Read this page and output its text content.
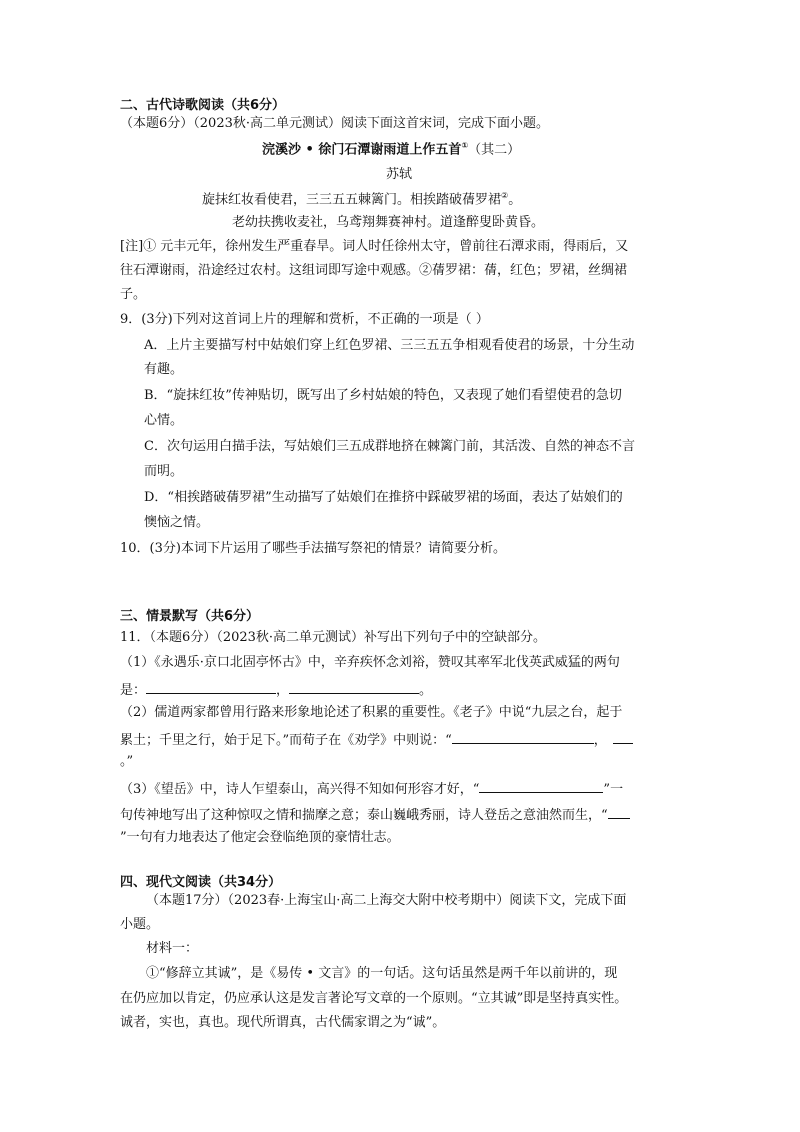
二、古代诗歌阅读（共6分）
（本题6分）（2023秋·高二单元测试）阅读下面这首宋词，完成下面小题。
浣溪沙 • 徐门石潭谢雨道上作五首①（其二）
苏轼
旋抹红妆看使君，三三五五棘篱门。相挨踏破蒨罗裙②。
老幼扶携收麦社，乌鸢翔舞赛神村。道逢醉叟卧黄昏。
[注]① 元丰元年，徐州发生严重春旱。词人时任徐州太守，曾前往石潭求雨，得雨后，又
往石潭谢雨，沿途经过农村。这组词即写途中观感。②蒨罗裙：蒨，红色；罗裙，丝绸裙
子。
9．(3分)下列对这首词上片的理解和赏析，不正确的一项是（ ）
A．上片主要描写村中姑娘们穿上红色罗裙、三三五五争相观看使君的场景，十分生动
有趣。
B．“旋抹红妆”传神贴切，既写出了乡村姑娘的特色，又表现了她们看望使君的急切
心情。
C．次句运用白描手法，写姑娘们三五成群地挤在棘篱门前，其活泼、自然的神态不言
而明。
D．“相挨踏破蒨罗裙”生动描写了姑娘们在推挤中踩破罗裙的场面，表达了姑娘们的
懊恼之情。
10．(3分)本词下片运用了哪些手法描写祭祀的情景？请简要分析。
三、情景默写（共6分）
11．（本题6分）（2023秋·高二单元测试）补写出下列句子中的空缺部分。
（1）《永遇乐·京口北固亭怀古》中，辛弃疾怀念刘裕，赞叹其率军北伐英武威猛的两句
是：	，	。
（2）儒道两家都曾用行路来形象地论述了积累的重要性。《老子》中说“九层之台，起于
累土；千里之行，始于足下。”而荀子在《劝学》中则说：“	，
。”
（3）《望岳》中，诗人乍望泰山，高兴得不知如何形容才好，“	”一
句传神地写出了这种惊叹之情和揣摩之意；泰山巍峨秀丽，诗人登岳之意油然而生，“
”一句有力地表达了他定会登临绝顶的豪情壮志。
四、现代文阅读（共34分）
（本题17分）（2023春·上海宝山·高二上海交大附中校考期中）阅读下文，完成下面
小题。
材料一：
①“修辞立其诚”，是《易传 • 文言》的一句话。这句话虽然是两千年以前讲的，现
在仍应加以肯定，仍应承认这是发言著论写文章的一个原则。“立其诚”即是坚持真实性。
诚者，实也，真也。现代所谓真，古代儒家谓之为“诚”。
